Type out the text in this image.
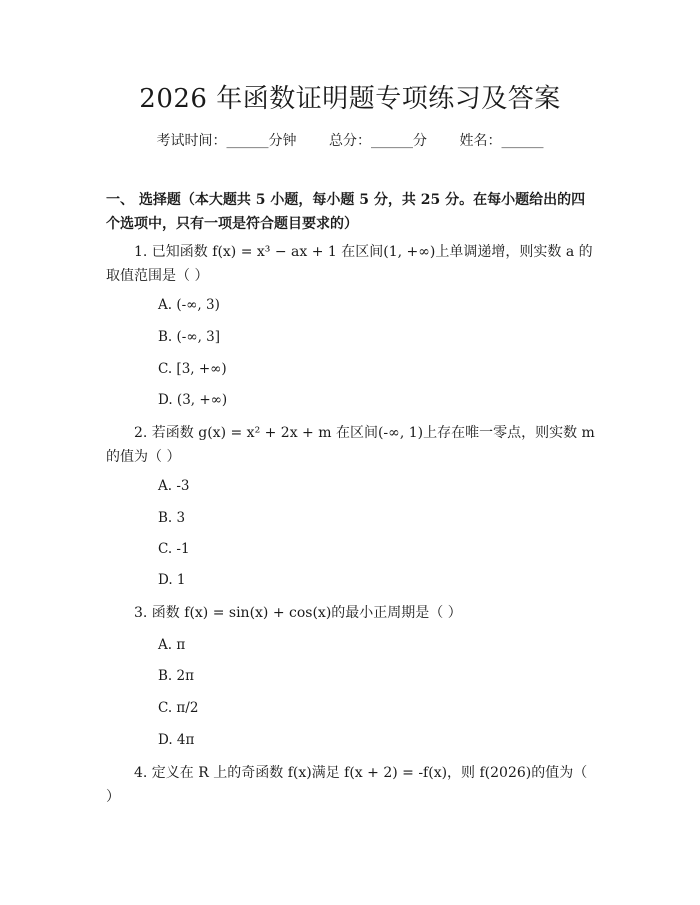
2026 年函数证明题专项练习及答案
考试时间：______分钟 总分：______分 姓名：______
一、 选择题（本大题共 5 小题，每小题 5 分，共 25 分。在每小题给出的四个选项中，只有一项是符合题目要求的）
1. 已知函数 f(x) = x³ − ax + 1 在区间(1, +∞)上单调递增，则实数 a 的取值范围是（ ）
A. (-∞, 3)
B. (-∞, 3]
C. [3, +∞)
D. (3, +∞)
2. 若函数 g(x) = x² + 2x + m 在区间(-∞, 1)上存在唯一零点，则实数 m 的值为（ ）
A. -3
B. 3
C. -1
D. 1
3. 函数 f(x) = sin(x) + cos(x)的最小正周期是（ ）
A. π
B. 2π
C. π/2
D. 4π
4. 定义在 R 上的奇函数 f(x)满足 f(x + 2) = -f(x)，则 f(2026)的值为（ ）
